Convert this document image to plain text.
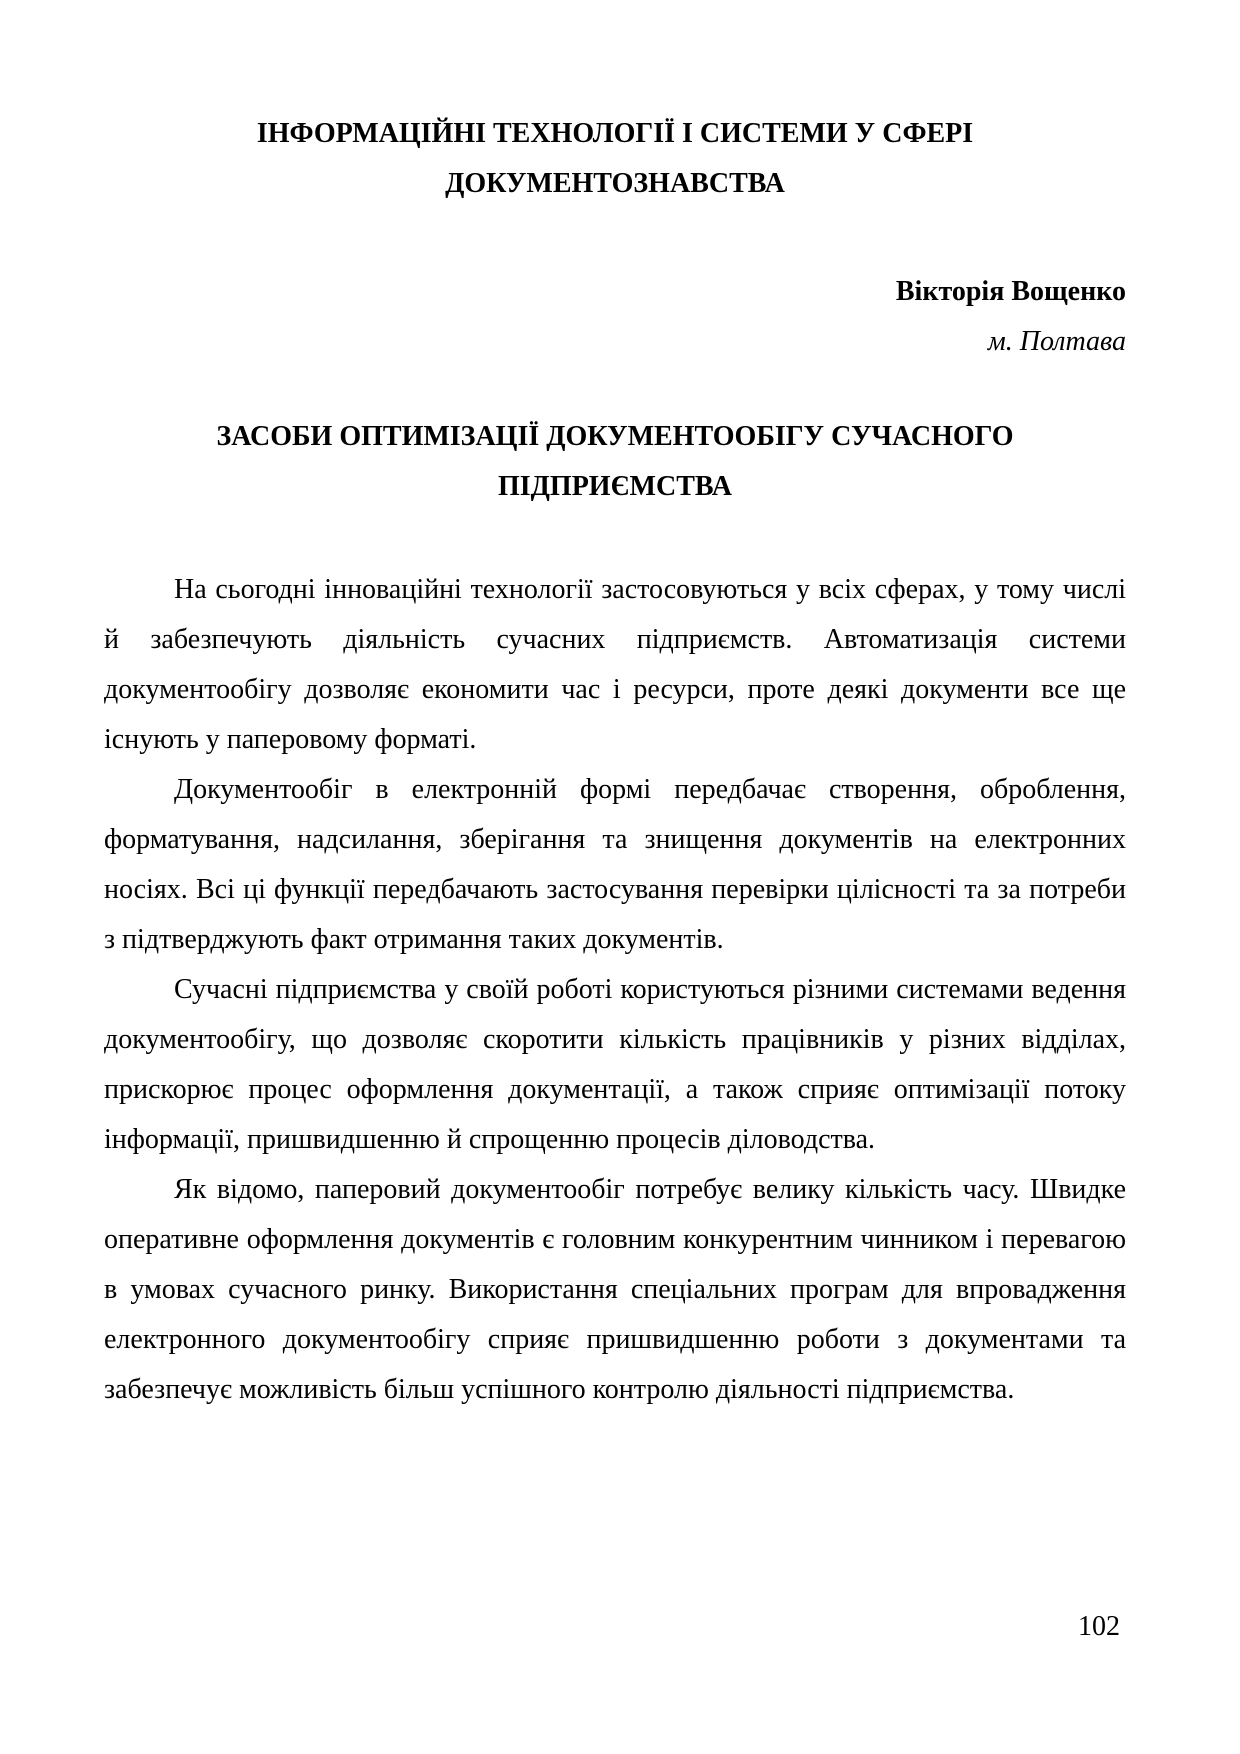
ІНФОРМАЦІЙНІ ТЕХНОЛОГІЇ І СИСТЕМИ У СФЕРІ ДОКУМЕНТОЗНАВСТВА
Вікторія Вощенко
м. Полтава
ЗАСОБИ ОПТИМІЗАЦІЇ ДОКУМЕНТООБІГУ СУЧАСНОГО ПІДПРИЄМСТВА

На сьогодні інноваційні технології застосовуються у всіх сферах, у тому числі й забезпечують діяльність сучасних підприємств. Автоматизація системи документообігу дозволяє економити час і ресурси, проте деякі документи все ще існують у паперовому форматі.

Документообіг в електронній формі передбачає створення, оброблення, форматування, надсилання, зберігання та знищення документів на електронних носіях. Всі ці функції передбачають застосування перевірки цілісності та за потреби з підтверджують факт отримання таких документів.

Сучасні підприємства у своїй роботі користуються різними системами ведення документообігу, що дозволяє скоротити кількість працівників у різних відділах, прискорює процес оформлення документації, а також сприяє оптимізації потоку інформації, пришвидшенню й спрощенню процесів діловодства.

Як відомо, паперовий документообіг потребує велику кількість часу. Швидке оперативне оформлення документів є головним конкурентним чинником і перевагою в умовах сучасного ринку. Використання спеціальних програм для впровадження електронного документообігу сприяє пришвидшенню роботи з документами та забезпечує можливість більш успішного контролю діяльності підприємства.

102
